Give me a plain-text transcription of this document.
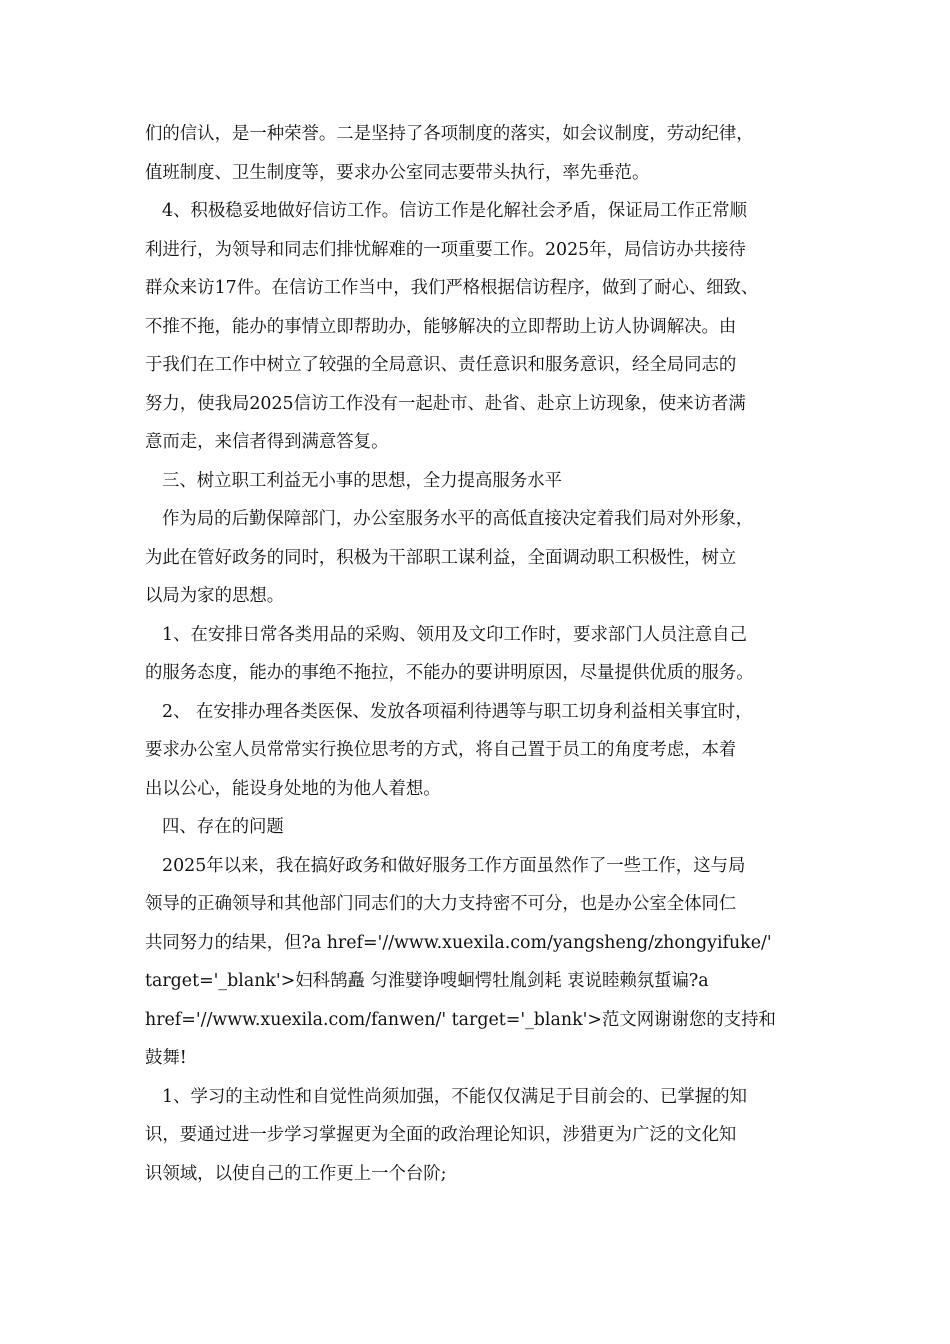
们的信认，是一种荣誉。二是坚持了各项制度的落实，如会议制度，劳动纪律，

值班制度、卫生制度等，要求办公室同志要带头执行，率先垂范。

4、积极稳妥地做好信访工作。信访工作是化解社会矛盾，保证局工作正常顺

利进行，为领导和同志们排忧解难的一项重要工作。2025年，局信访办共接待

群众来访17件。在信访工作当中，我们严格根据信访程序，做到了耐心、细致、

不推不拖，能办的事情立即帮助办，能够解决的立即帮助上访人协调解决。由

于我们在工作中树立了较强的全局意识、责任意识和服务意识，经全局同志的

努力，使我局2025信访工作没有一起赴市、赴省、赴京上访现象，使来访者满

意而走，来信者得到满意答复。

三、树立职工利益无小事的思想，全力提高服务水平

作为局的后勤保障部门，办公室服务水平的高低直接决定着我们局对外形象，

为此在管好政务的同时，积极为干部职工谋利益，全面调动职工积极性，树立

以局为家的思想。

1、在安排日常各类用品的采购、领用及文印工作时，要求部门人员注意自己

的服务态度，能办的事绝不拖拉，不能办的要讲明原因，尽量提供优质的服务。

2、 在安排办理各类医保、发放各项福利待遇等与职工切身利益相关事宜时，

要求办公室人员常常实行换位思考的方式，将自己置于员工的角度考虑，本着

出以公心，能设身处地的为他人着想。

四、存在的问题

2025年以来，我在搞好政务和做好服务工作方面虽然作了一些工作，这与局

领导的正确领导和其他部门同志们的大力支持密不可分，也是办公室全体同仁

共同努力的结果，但?a href='//www.xuexila.com/yangsheng/zhongyifuke/'

target='_blank'>妇科鹄矗 匀淮嬖诤嗖蛔愕牡胤剑耗 衷说睦赖氛蜇谝?a

href='//www.xuexila.com/fanwen/' target='_blank'>范文网谢谢您的支持和

鼓舞!

1、学习的主动性和自觉性尚须加强，不能仅仅满足于目前会的、已掌握的知

识，要通过进一步学习掌握更为全面的政治理论知识，涉猎更为广泛的文化知

识领域，以使自己的工作更上一个台阶;
